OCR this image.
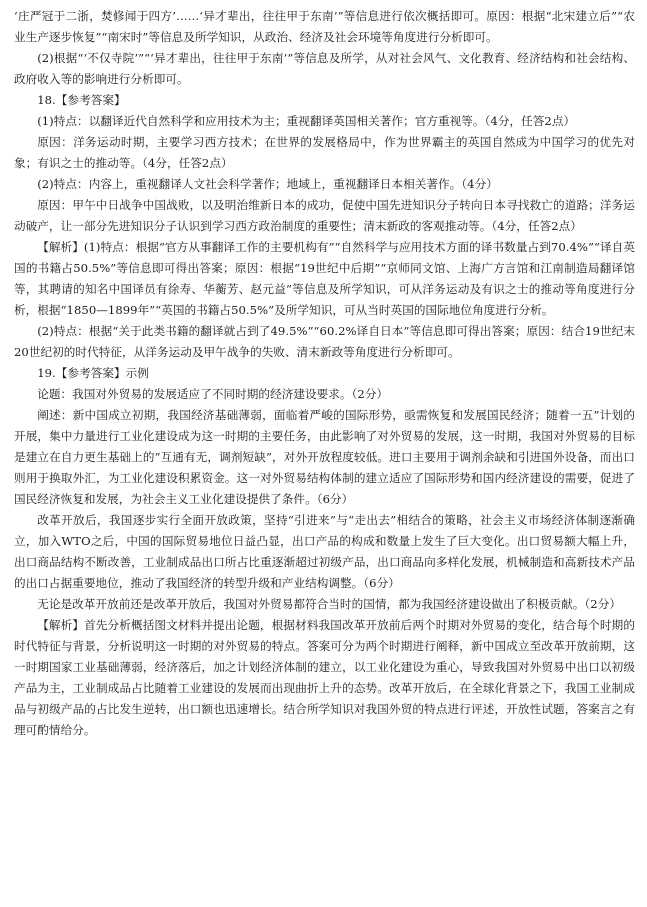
‘庄严冠于二浙，焚修闻于四方’……‘异才辈出，往往甲于东南’”等信息进行依次概括即可。原因：根据“北宋建立后”“农业生产逐步恢复”“南宋时”等信息及所学知识，从政治、经济及社会环境等角度进行分析即可。

(2)根据“‘不仅寺院’”“‘异才辈出，往往甲于东南’”等信息及所学，从对社会风气、文化教育、经济结构和社会结构、政府收入等的影响进行分析即可。

18.【参考答案】

(1)特点：以翻译近代自然科学和应用技术为主；重视翻译英国相关著作；官方重视等。（4分，任答2点）

原因：洋务运动时期，主要学习西方技术；在世界的发展格局中，作为世界霸主的英国自然成为中国学习的优先对象；有识之士的推动等。（4分，任答2点）

(2)特点：内容上，重视翻译人文社会科学著作；地域上，重视翻译日本相关著作。（4分）

原因：甲午中日战争中国战败，以及明治维新日本的成功，促使中国先进知识分子转向日本寻找救亡的道路；洋务运动破产，让一部分先进知识分子认识到学习西方政治制度的重要性；清末新政的客观推动等。（4分，任答2点）

【解析】(1)特点：根据“官方从事翻译工作的主要机构有”“自然科学与应用技术方面的译书数量占到70.4%”“译自英国的书籍占50.5%”等信息即可得出答案；原因：根据“19世纪中后期”“京师同文馆、上海广方言馆和江南制造局翻译馆等，其聘请的知名中国译员有徐寿、华蘅芳、赵元益”等信息及所学知识，可从洋务运动及有识之士的推动等角度进行分析，根据“1850—1899年”“英国的书籍占50.5%”及所学知识，可从当时英国的国际地位角度进行分析。

(2)特点：根据“关于此类书籍的翻译就占到了49.5%”“60.2%译自日本”等信息即可得出答案；原因：结合19世纪末20世纪初的时代特征，从洋务运动及甲午战争的失败、清末新政等角度进行分析即可。

19.【参考答案】示例

论题：我国对外贸易的发展适应了不同时期的经济建设要求。（2分）

阐述：新中国成立初期，我国经济基础薄弱，面临着严峻的国际形势，亟需恢复和发展国民经济；随着一五”计划的开展，集中力量进行工业化建设成为这一时期的主要任务，由此影响了对外贸易的发展，这一时期，我国对外贸易的目标是建立在自力更生基础上的“互通有无，调剂短缺”，对外开放程度较低。进口主要用于调剂余缺和引进国外设备，而出口则用于换取外汇，为工业化建设积累资金。这一对外贸易结构体制的建立适应了国际形势和国内经济建设的需要，促进了国民经济恢复和发展，为社会主义工业化建设提供了条件。（6分）

改革开放后，我国逐步实行全面开放政策，坚持“引进来”与“走出去”相结合的策略，社会主义市场经济体制逐渐确立，加入WTO之后，中国的国际贸易地位日益凸显，出口产品的构成和数量上发生了巨大变化。出口贸易额大幅上升，出口商品结构不断改善，工业制成品出口所占比重逐渐超过初级产品，出口商品向多样化发展，机械制造和高新技术产品的出口占据重要地位，推动了我国经济的转型升级和产业结构调整。（6分）

无论是改革开放前还是改革开放后，我国对外贸易都符合当时的国情，都为我国经济建设做出了积极贡献。（2分）

【解析】首先分析概括图文材料并提出论题，根据材料我国改革开放前后两个时期对外贸易的变化，结合每个时期的时代特征与背景，分析说明这一时期的对外贸易的特点。答案可分为两个时期进行阐释，新中国成立至改革开放前期，这一时期国家工业基础薄弱，经济落后，加之计划经济体制的建立，以工业化建设为重心，导致我国对外贸易中出口以初级产品为主，工业制成品占比随着工业建设的发展而出现曲折上升的态势。改革开放后，在全球化背景之下，我国工业制成品与初级产品的占比发生逆转，出口额也迅速增长。结合所学知识对我国外贸的特点进行评述，开放性试题，答案言之有理可酌情给分。
